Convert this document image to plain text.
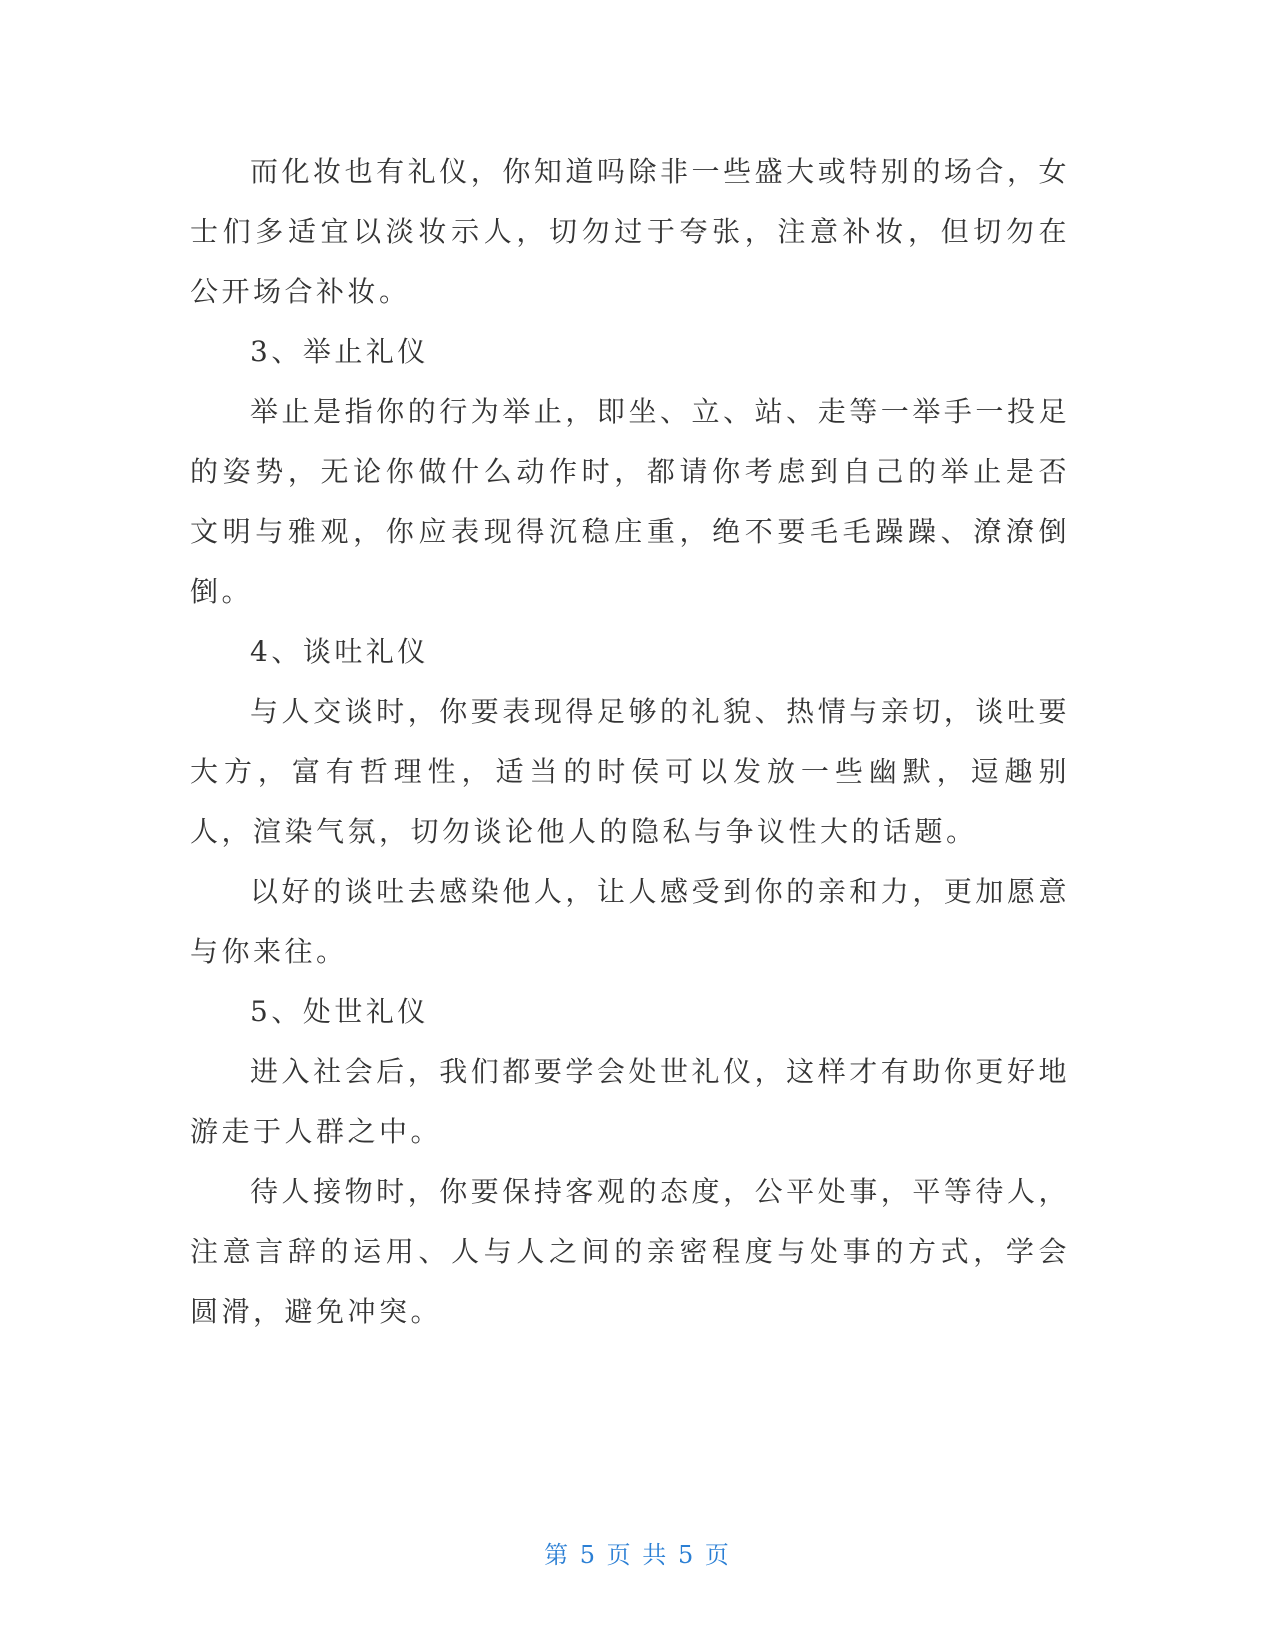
而化妆也有礼仪，你知道吗除非一些盛大或特别的场合，女士们多适宜以淡妆示人，切勿过于夸张，注意补妆，但切勿在公开场合补妆。

3、举止礼仪

举止是指你的行为举止，即坐、立、站、走等一举手一投足的姿势，无论你做什么动作时，都请你考虑到自己的举止是否文明与雅观，你应表现得沉稳庄重，绝不要毛毛躁躁、潦潦倒倒。

4、谈吐礼仪

与人交谈时，你要表现得足够的礼貌、热情与亲切，谈吐要大方，富有哲理性，适当的时侯可以发放一些幽默，逗趣别人，渲染气氛，切勿谈论他人的隐私与争议性大的话题。

以好的谈吐去感染他人，让人感受到你的亲和力，更加愿意与你来往。

5、处世礼仪

进入社会后，我们都要学会处世礼仪，这样才有助你更好地游走于人群之中。

待人接物时，你要保持客观的态度，公平处事，平等待人，注意言辞的运用、人与人之间的亲密程度与处事的方式，学会圆滑，避免冲突。

第 5 页 共 5 页
